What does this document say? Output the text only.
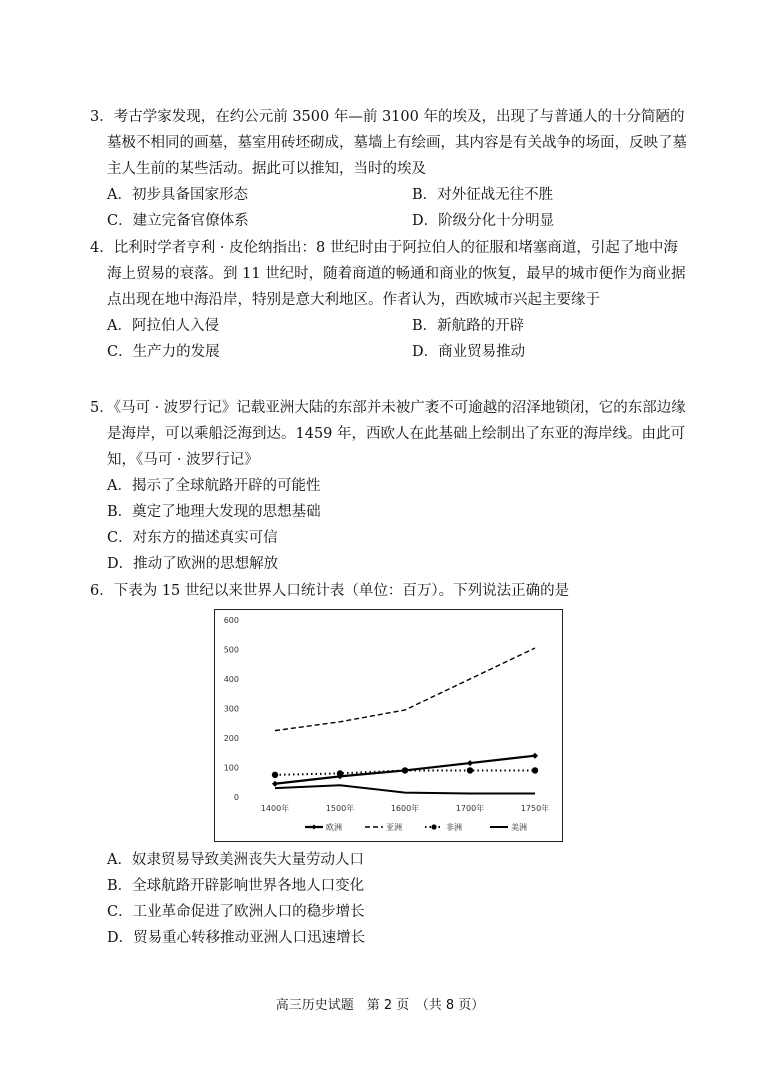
3．考古学家发现，在约公元前 3500 年—前 3100 年的埃及，出现了与普通人的十分简陋的墓极不相同的画墓，墓室用砖坯砌成，墓墙上有绘画，其内容是有关战争的场面，反映了墓主人生前的某些活动。据此可以推知，当时的埃及

A．初步具备国家形态	B．对外征战无往不胜
C．建立完备官僚体系	D．阶级分化十分明显

4．比利时学者亨利 · 皮伦纳指出：8 世纪时由于阿拉伯人的征服和堵塞商道，引起了地中海海上贸易的衰落。到 11 世纪时，随着商道的畅通和商业的恢复，最早的城市便作为商业据点出现在地中海沿岸，特别是意大利地区。作者认为，西欧城市兴起主要缘于

A．阿拉伯人入侵	B．新航路的开辟
C．生产力的发展	D．商业贸易推动

5．《马可 · 波罗行记》记载亚洲大陆的东部并未被广袤不可逾越的沼泽地锁闭，它的东部边缘是海岸，可以乘船泛海到达。1459 年，西欧人在此基础上绘制出了东亚的海岸线。由此可知，《马可 · 波罗行记》

A．揭示了全球航路开辟的可能性
B．奠定了地理大发现的思想基础
C．对东方的描述真实可信
D．推动了欧洲的思想解放

6．下表为 15 世纪以来世界人口统计表（单位：百万）。下列说法正确的是

0
100
200
300
400
500
600
1400年	1500年	1600年	1700年	1750年
欧洲	亚洲	非洲	美洲
A．奴隶贸易导致美洲丧失大量劳动人口
B．全球航路开辟影响世界各地人口变化
C．工业革命促进了欧洲人口的稳步增长
D．贸易重心转移推动亚洲人口迅速增长
高三历史试题　第 2 页　（共 8 页）
